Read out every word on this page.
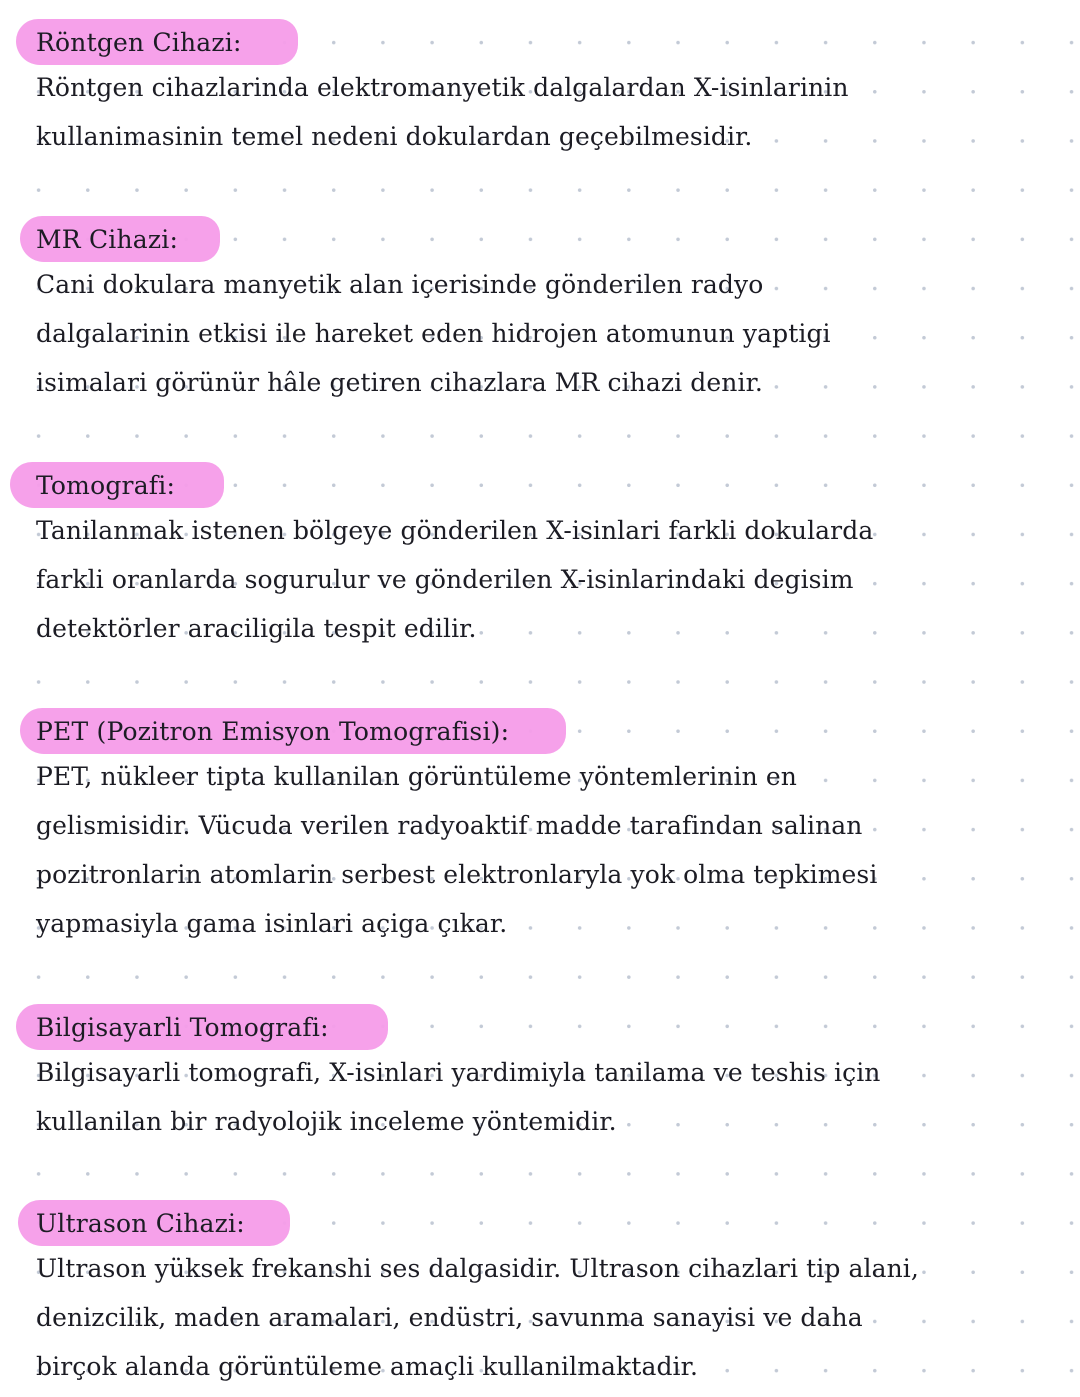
Röntgen Cihazi:
Röntgen cihazlarinda elektromanyetik dalgalardan X-isinlarinin
kullanimasinin temel nedeni dokulardan geçebilmesidir.
MR Cihazi:
Cani dokulara manyetik alan içerisinde gönderilen radyo
dalgalarinin etkisi ile hareket eden hidrojen atomunun yaptigi
isimalari görünür hâle getiren cihazlara MR cihazi denir.
Tomografi:
Tanilanmak istenen bölgeye gönderilen X-isinlari farkli dokularda
farkli oranlarda sogurulur ve gönderilen X-isinlarindaki degisim
detektörler araciligila tespit edilir.
PET (Pozitron Emisyon Tomografisi):
PET, nükleer tipta kullanilan görüntüleme yöntemlerinin en
gelismisidir. Vücuda verilen radyoaktif madde tarafindan salinan
pozitronlarin atomlarin serbest elektronlaryla yok olma tepkimesi
yapmasiyla gama isinlari açiga çıkar.
Bilgisayarli Tomografi:
Bilgisayarli tomografi, X-isinlari yardimiyla tanilama ve teshis için
kullanilan bir radyolojik inceleme yöntemidir.
Ultrason Cihazi:
Ultrason yüksek frekanshi ses dalgasidir. Ultrason cihazlari tip alani,
denizcilik, maden aramalari, endüstri, savunma sanayisi ve daha
birçok alanda görüntüleme amaçli kullanilmaktadir.
